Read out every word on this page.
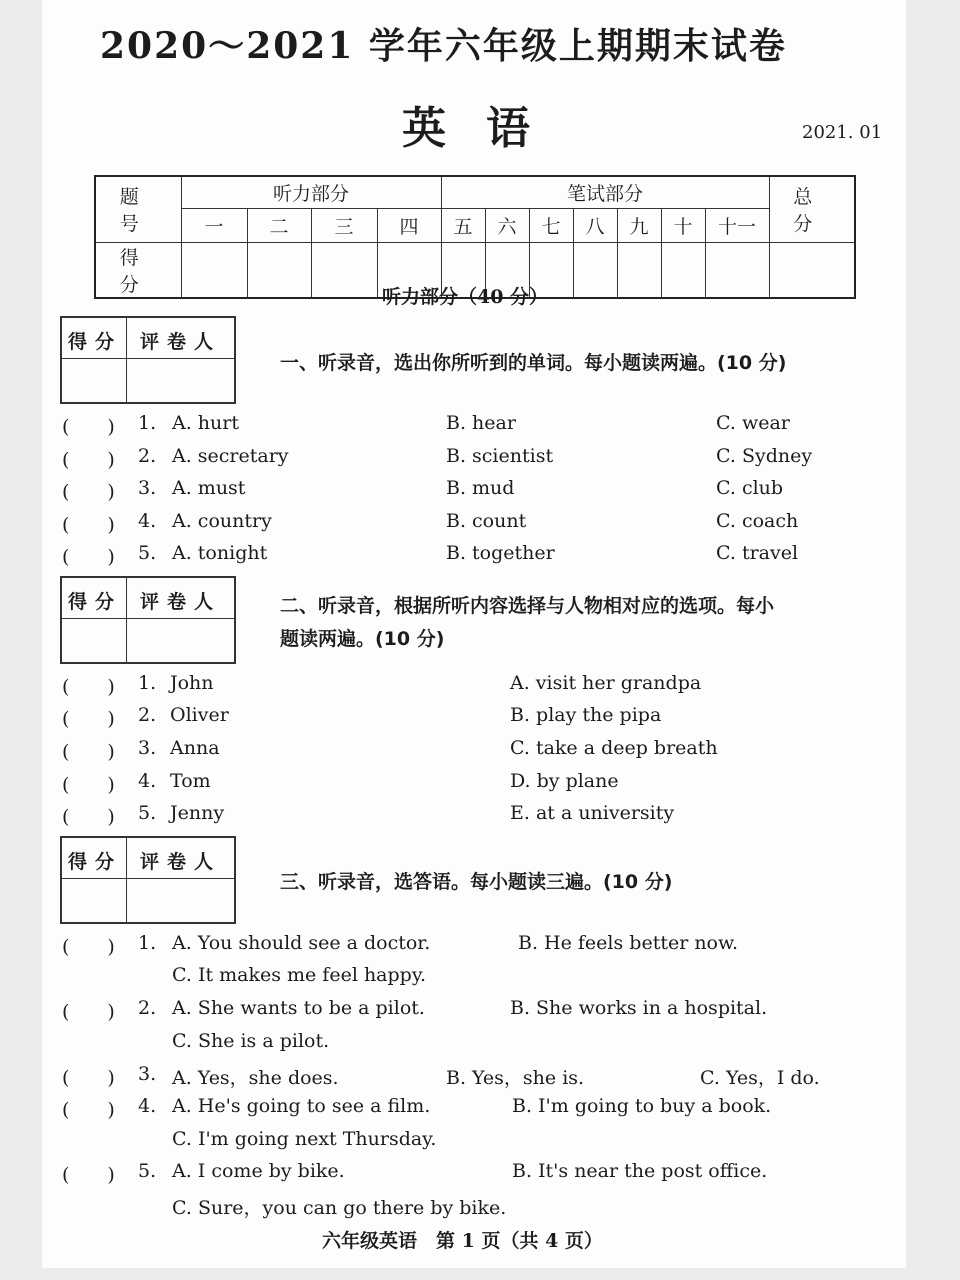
2020～2021 学年六年级上期期末试卷
英语	2021. 01
题 号	听力部分				笔试部分							总 分
	一	二	三	四	五	六	七	八	九	十	十一	
得 分												
听力部分（40 分）
得分 评卷人
一、听录音，选出你所听到的单词。每小题读两遍。(10 分)
(　　) 1. A. hurt	B. hear	C. wear
(　　) 2. A. secretary	B. scientist	C. Sydney
(　　) 3. A. must	B. mud	C. club
(　　) 4. A. country	B. count	C. coach
(　　) 5. A. tonight	B. together	C. travel
得分 评卷人	二、听录音，根据所听内容选择与人物相对应的选项。每小
题读两遍。(10 分)
(　　) 1. John	A. visit her grandpa
(　　) 2. Oliver	B. play the pipa
(　　) 3. Anna	C. take a deep breath
(　　) 4. Tom	D. by plane
(　　) 5. Jenny	E. at a university
得分 评卷人
三、听录音，选答语。每小题读三遍。(10 分)
(　　) 1. A. You should see a doctor.	B. He feels better now.
C. It makes me feel happy.
(　　) 2. A. She wants to be a pilot.	B. She works in a hospital.
C. She is a pilot.
(　　) 3. A. Yes，she does.	B. Yes，she is.	C. Yes，I do.
(　　) 4. A. He's going to see a film.	B. I'm going to buy a book.
C. I'm going next Thursday.
(　　) 5. A. I come by bike.	B. It's near the post office.
C. Sure，you can go there by bike.
六年级英语　第 1 页（共 4 页）
